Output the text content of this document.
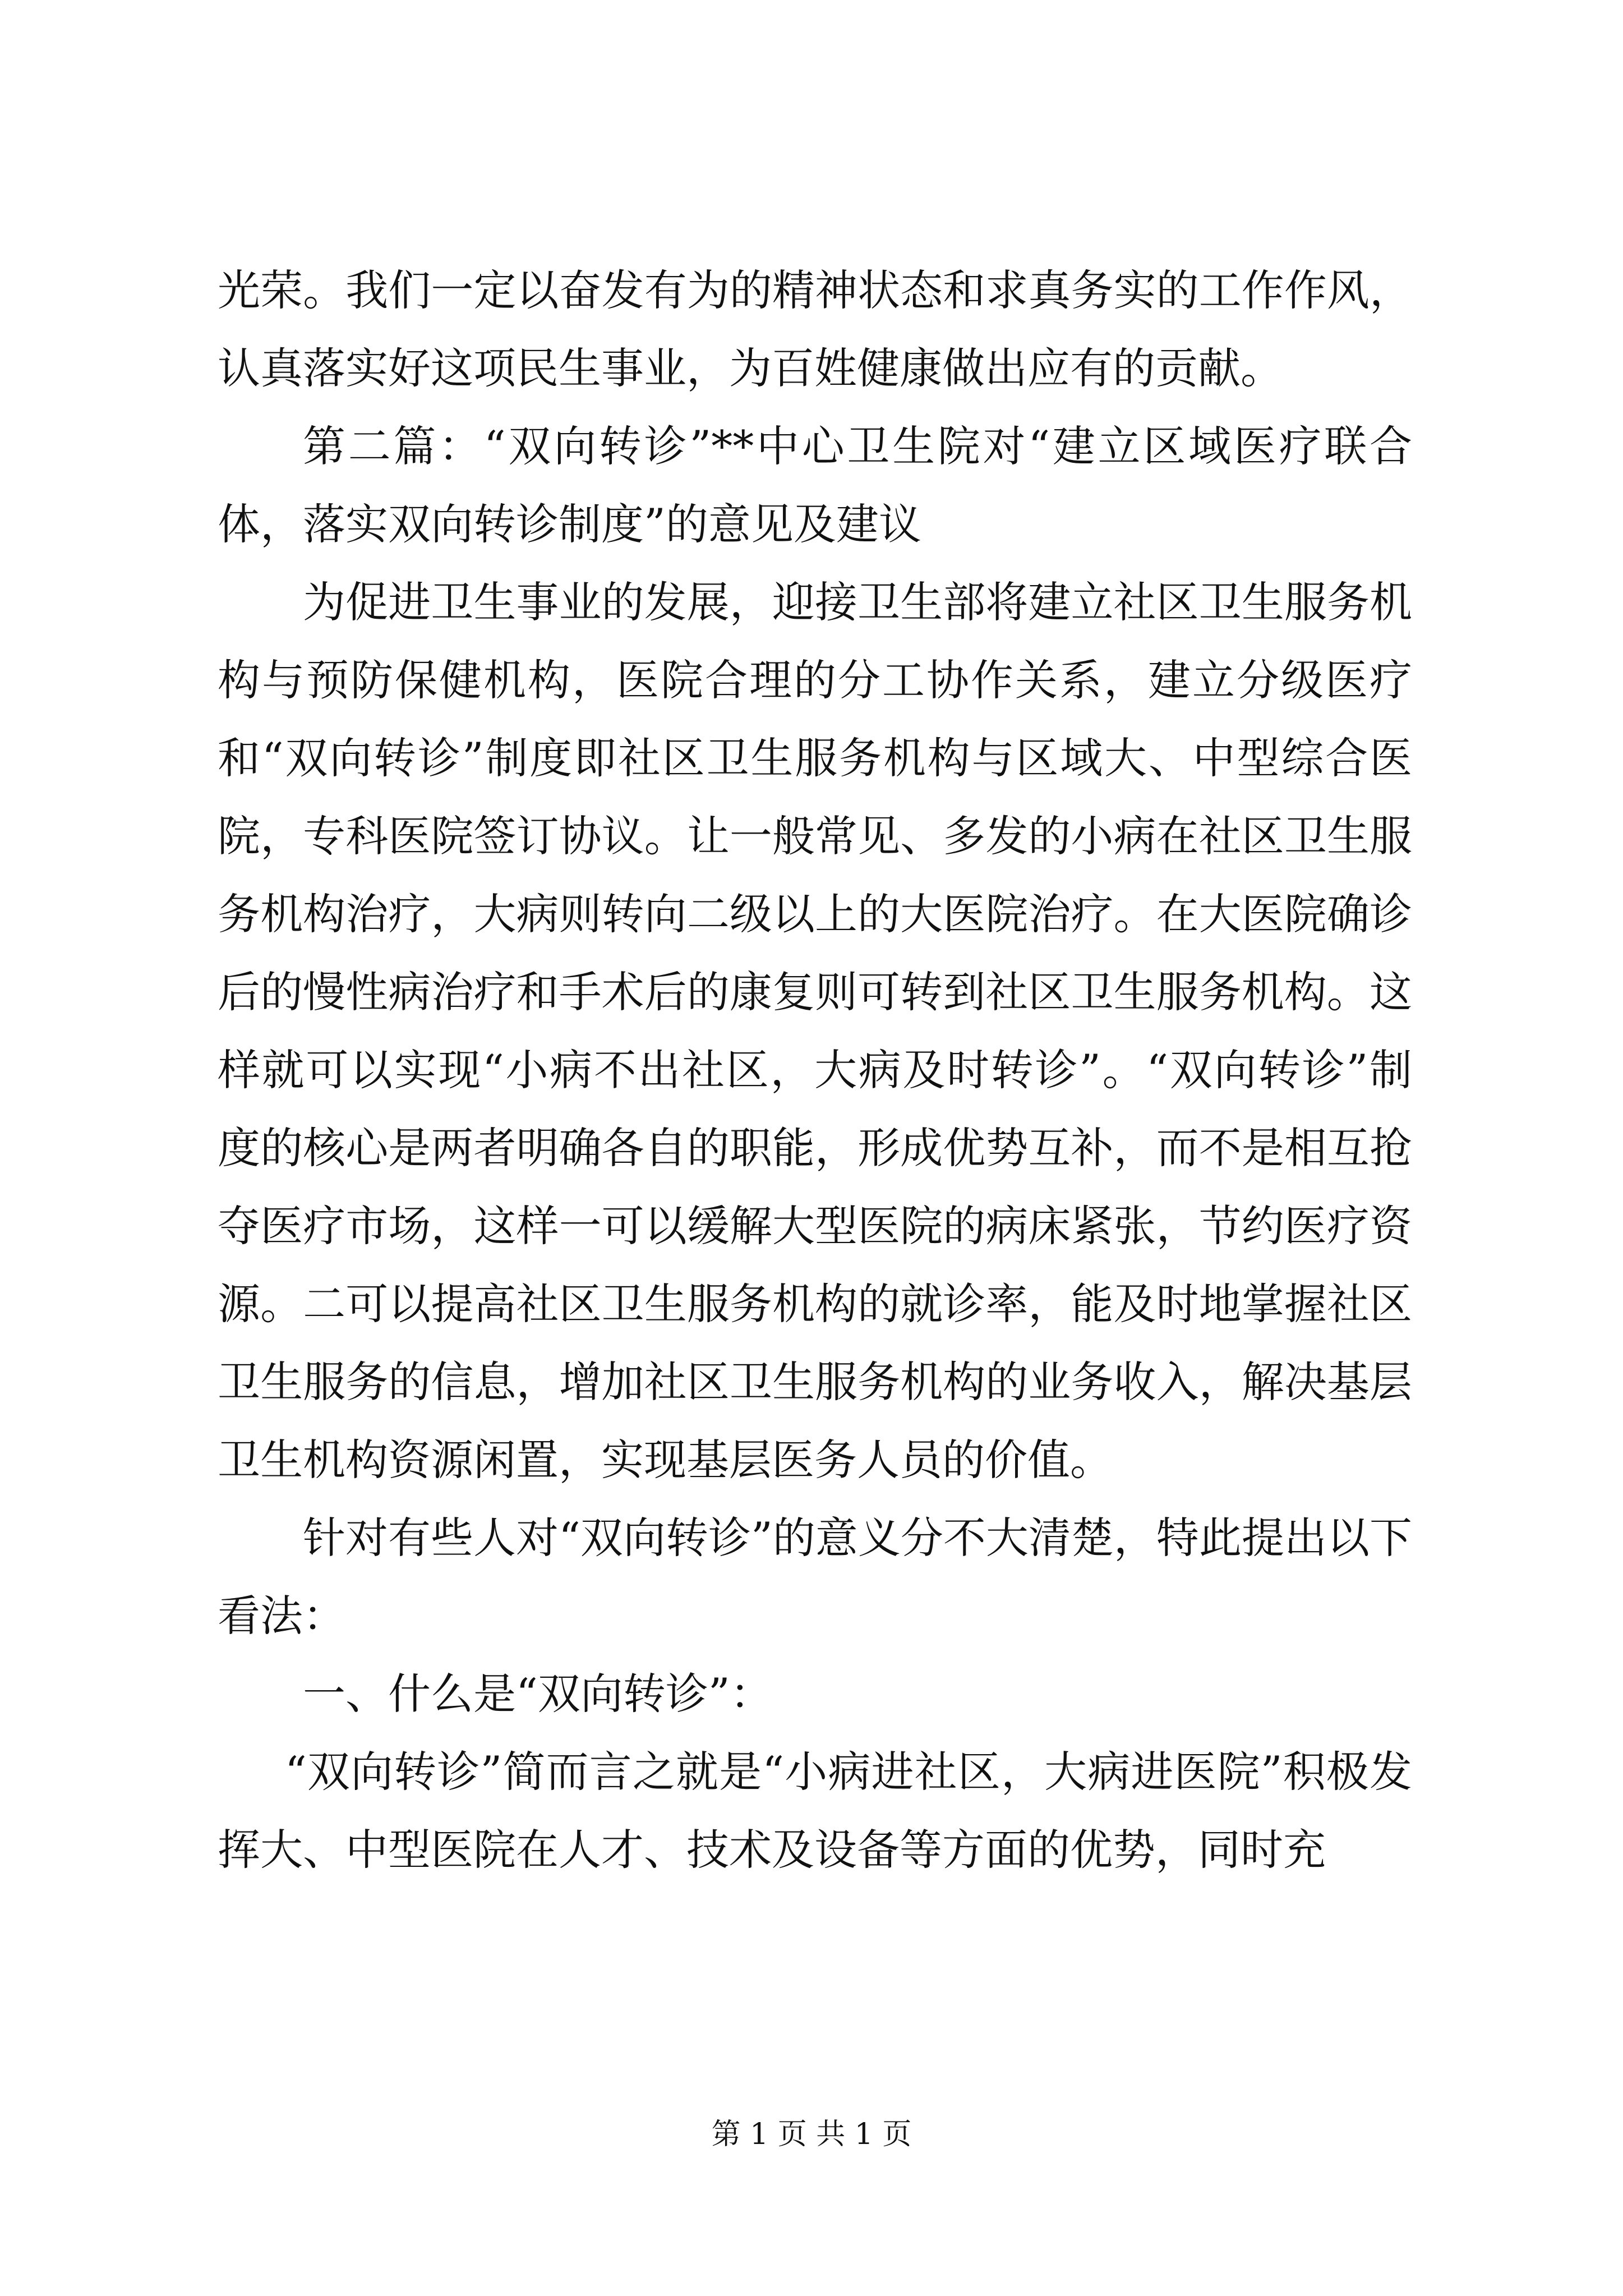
光荣。我们一定以奋发有为的精神状态和求真务实的工作作风，认真落实好这项民生事业，为百姓健康做出应有的贡献。

第二篇：“双向转诊”**中心卫生院对“建立区域医疗联合体，落实双向转诊制度”的意见及建议

为促进卫生事业的发展，迎接卫生部将建立社区卫生服务机构与预防保健机构，医院合理的分工协作关系，建立分级医疗和“双向转诊”制度即社区卫生服务机构与区域大、中型综合医院，专科医院签订协议。让一般常见、多发的小病在社区卫生服务机构治疗，大病则转向二级以上的大医院治疗。在大医院确诊后的慢性病治疗和手术后的康复则可转到社区卫生服务机构。这样就可以实现“小病不出社区，大病及时转诊”。“双向转诊”制度的核心是两者明确各自的职能，形成优势互补，而不是相互抢夺医疗市场，这样一可以缓解大型医院的病床紧张，节约医疗资源。二可以提高社区卫生服务机构的就诊率，能及时地掌握社区卫生服务的信息，增加社区卫生服务机构的业务收入，解决基层卫生机构资源闲置，实现基层医务人员的价值。

针对有些人对“双向转诊”的意义分不大清楚，特此提出以下看法：

一、什么是“双向转诊”：

“双向转诊”简而言之就是“小病进社区，大病进医院”积极发挥大、中型医院在人才、技术及设备等方面的优势，同时充

第 1 页 共 1 页
